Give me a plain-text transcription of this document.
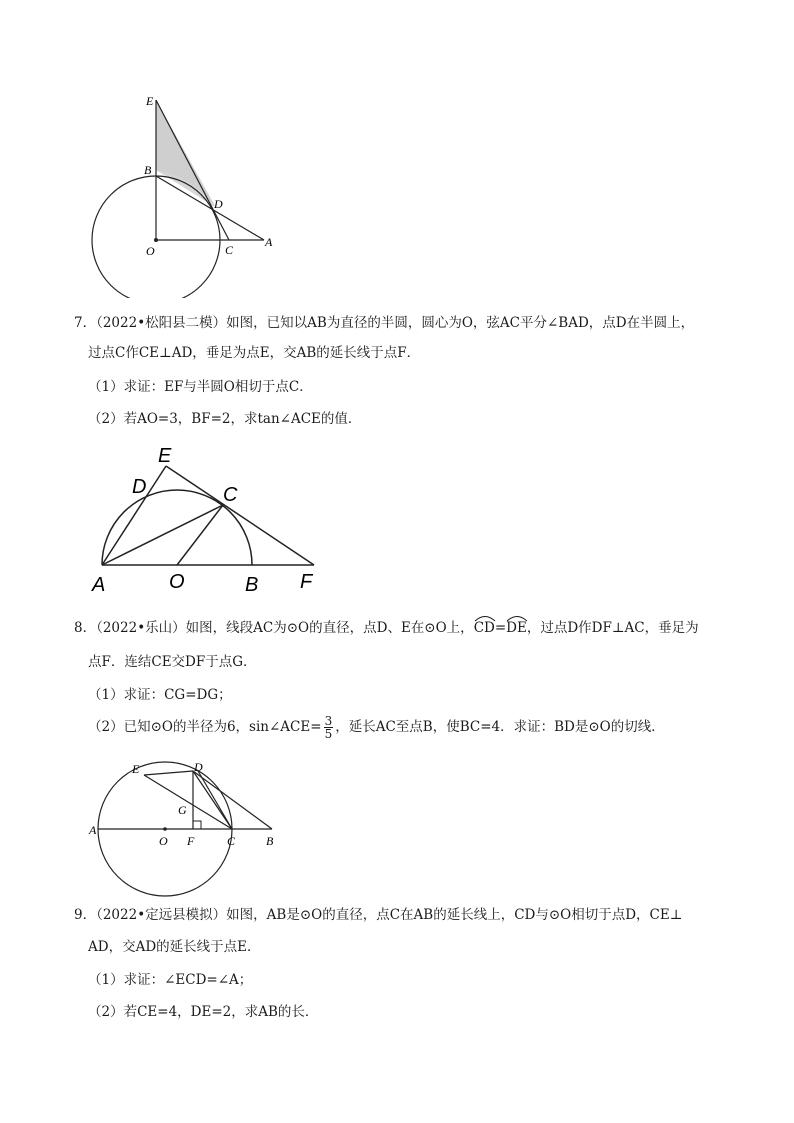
E
B
D
O	C
A
7．（2022•松阳县二模）如图，已知以AB为直径的半圆，圆心为O，弦AC平分∠BAD，点D在半圆上，
过点C作CE⊥AD，垂足为点E，交AB的延长线于点F．
（1）求证：EF与半圆O相切于点C．
（2）若AO=3，BF=2，求tan∠ACE的值．
E
D	C
A	O	B F
8．（2022•乐山）如图，线段AC为⊙O的直径，点D、E在⊙O上，
CD=
DE，过点D作DF⊥AC，垂足为
点F．连结CE交DF于点G．
（1）求证：CG=DG；
（2）已知⊙O的半径为6，sin∠ACE= $\frac{3}{5}$ ，延长AC至点B，使BC=4．求证：BD是⊙O的切线．
E	D
G
A
O F	C	B
9．（2022•定远县模拟）如图，AB是⊙O的直径，点C在AB的延长线上，CD与⊙O相切于点D，CE⊥
AD，交AD的延长线于点E．
（1）求证：∠ECD=∠A；
（2）若CE=4，DE=2，求AB的长．
